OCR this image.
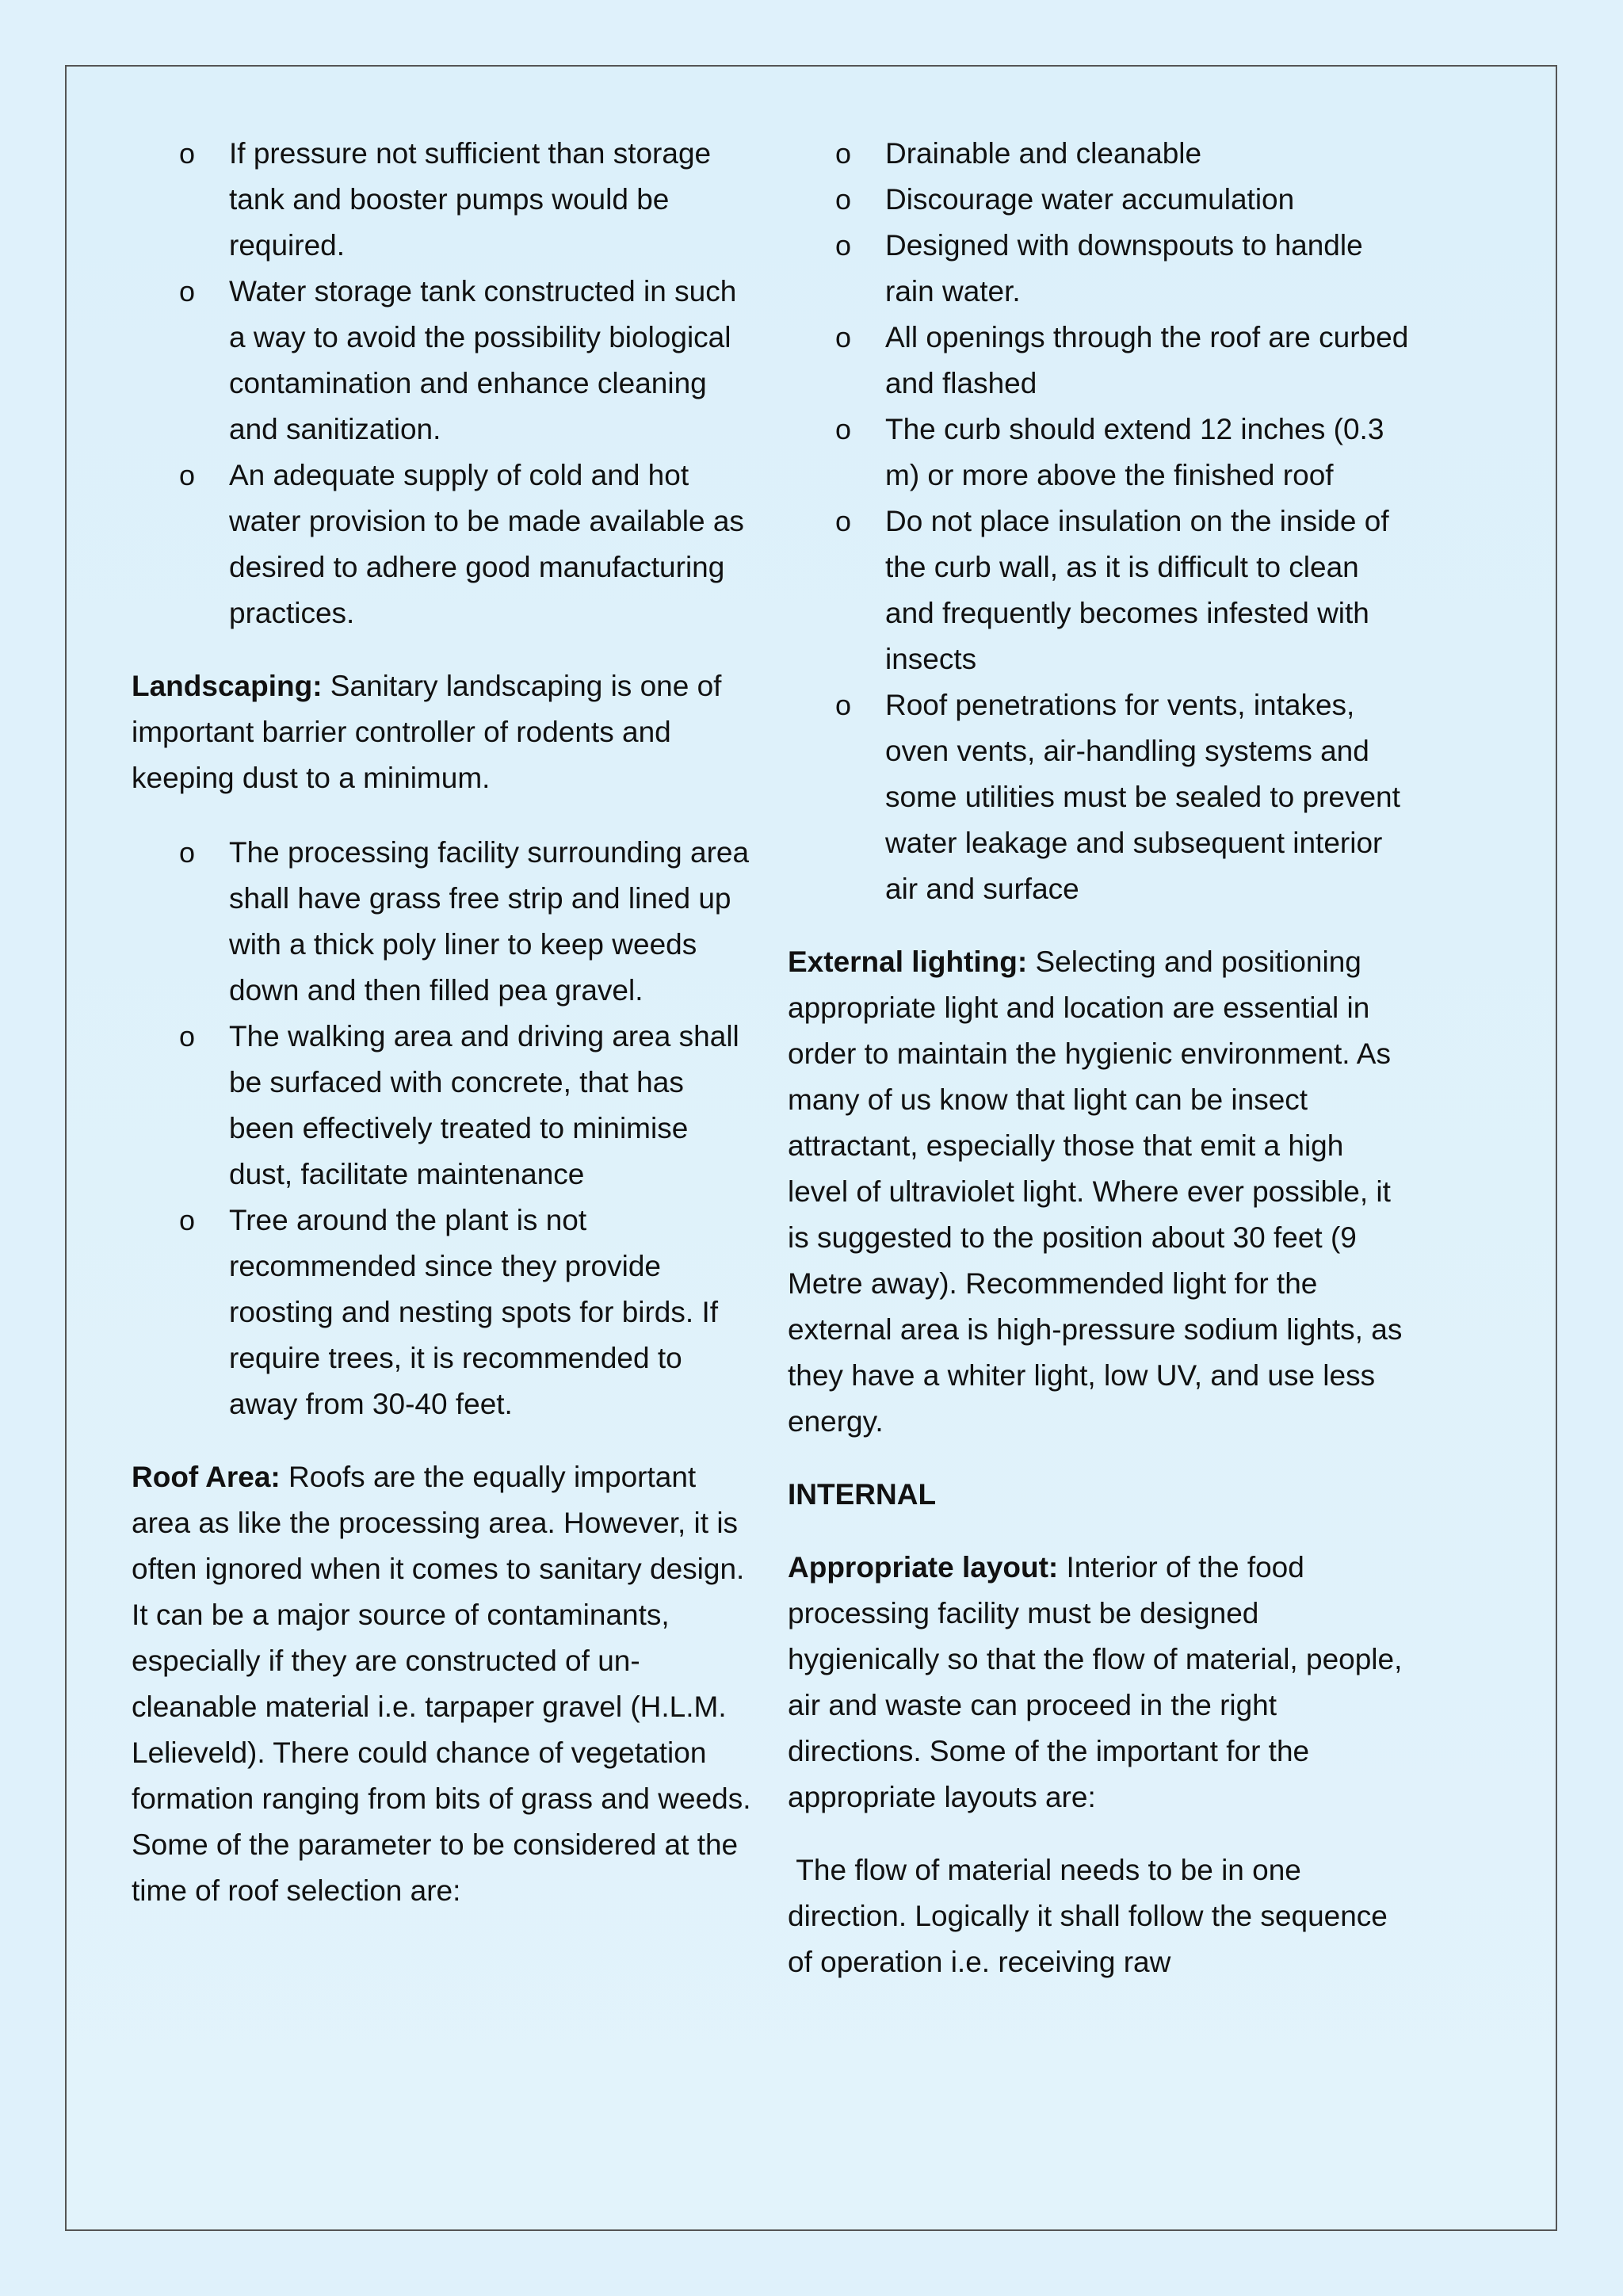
o If pressure not sufficient than storage tank and booster pumps would be required.
o Water storage tank constructed in such a way to avoid the possibility biological contamination and enhance cleaning and sanitization.
o An adequate supply of cold and hot water provision to be made available as desired to adhere good manufacturing practices.

Landscaping: Sanitary landscaping is one of important barrier controller of rodents and keeping dust to a minimum.

o The processing facility surrounding area shall have grass free strip and lined up with a thick poly liner to keep weeds down and then filled pea gravel.
o The walking area and driving area shall be surfaced with concrete, that has been effectively treated to minimise dust, facilitate maintenance
o Tree around the plant is not recommended since they provide roosting and nesting spots for birds. If require trees, it is recommended to away from 30-40 feet.

Roof Area: Roofs are the equally important area as like the processing area. However, it is often ignored when it comes to sanitary design. It can be a major source of contaminants, especially if they are constructed of un-cleanable material i.e. tarpaper gravel (H.L.M. Lelieveld). There could chance of vegetation formation ranging from bits of grass and weeds. Some of the parameter to be considered at the time of roof selection are:

o Drainable and cleanable
o Discourage water accumulation
o Designed with downspouts to handle rain water.
o All openings through the roof are curbed and flashed
o The curb should extend 12 inches (0.3 m) or more above the finished roof
o Do not place insulation on the inside of the curb wall, as it is difficult to clean and frequently becomes infested with insects
o Roof penetrations for vents, intakes, oven vents, air-handling systems and some utilities must be sealed to prevent water leakage and subsequent interior air and surface

External lighting: Selecting and positioning appropriate light and location are essential in order to maintain the hygienic environment. As many of us know that light can be insect attractant, especially those that emit a high level of ultraviolet light. Where ever possible, it is suggested to the position about 30 feet (9 Metre away). Recommended light for the external area is high-pressure sodium lights, as they have a whiter light, low UV, and use less energy.

INTERNAL

Appropriate layout: Interior of the food processing facility must be designed hygienically so that the flow of material, people, air and waste can proceed in the right directions. Some of the important for the appropriate layouts are:

The flow of material needs to be in one direction. Logically it shall follow the sequence of operation i.e. receiving raw
